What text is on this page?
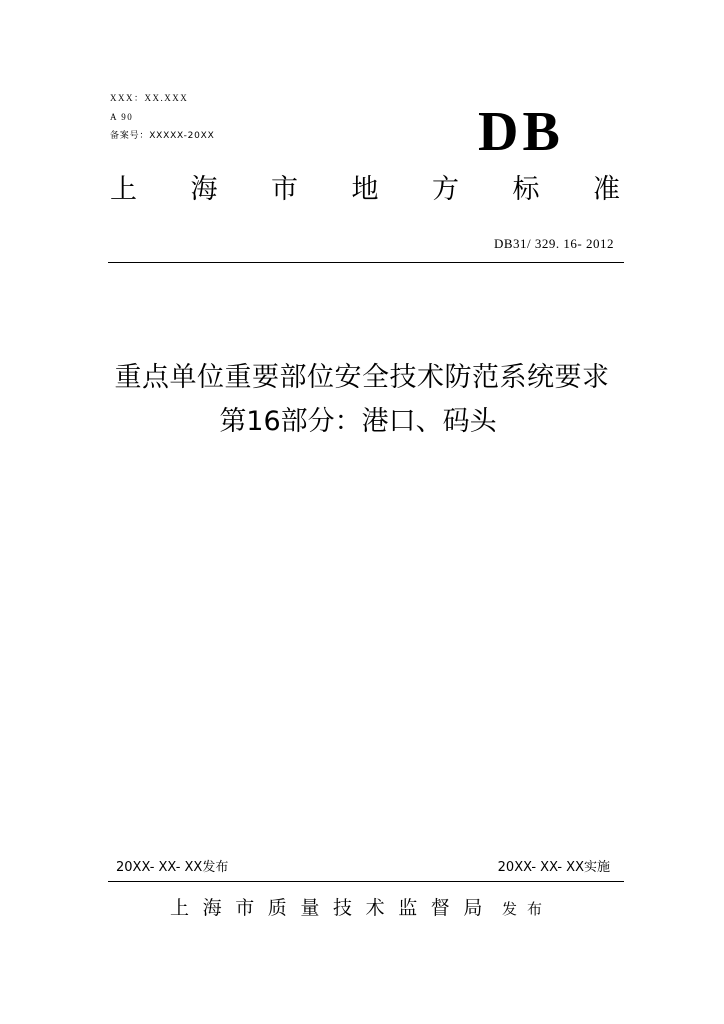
XXX：XX.XXX
A 90
备案号：XXXXX-20XX	DB
上 海 市 地 方 标 准
DB31/ 329. 16- 2012
重点单位重要部位安全技术防范系统要求
第16部分：港口、码头
20XX- XX- XX发布	20XX- XX- XX实施
上海市质量技术监督局 发布
